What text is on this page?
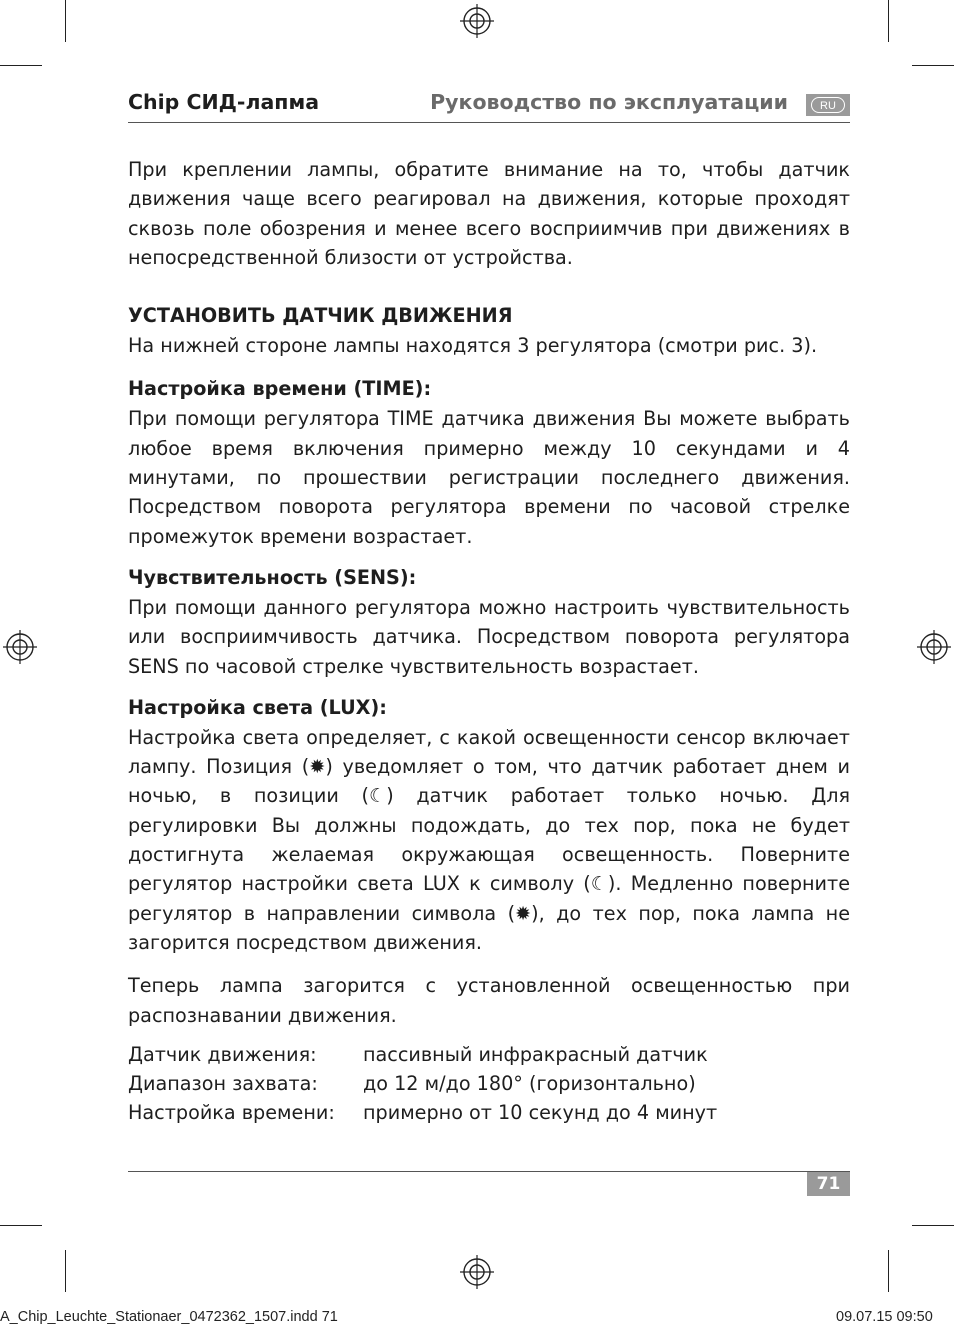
Chip СИД-лапма	Руководство по эксплуатации	RU

При креплении лампы, обратите внимание на то, чтобы датчик движения чаще всего реагировал на движения, которые проходят сквозь поле обозрения и менее всего восприимчив при движениях в непосредственной близости от устройства.

УСТАНОВИТЬ ДАТЧИК ДВИЖЕНИЯ

На нижней стороне лампы находятся 3 регулятора (смотри рис. 3).

Настройка времени (TIME):

При помощи регулятора TIME датчика движения Вы можете выбрать любое время включения примерно между 10 секундами и 4 минутами, по прошествии регистрации последнего движения. Посредством поворота регулятора времени по часовой стрелке промежуток времени возрастает.

Чувствительность (SENS):

При помощи данного регулятора можно настроить чувствительность или восприимчивость датчика. Посредством поворота регулятора SENS по часовой стрелке чувствительность возрастает.

Настройка света (LUX):

Настройка света определяет, с какой освещенности сенсор включает лампу. Позиция (✹) уведомляет о том, что датчик работает днем и ночью, в позиции (☾) датчик работает только ночью. Для регулировки Вы должны подождать, до тех пор, пока не будет достигнута желаемая окружающая освещенность. Поверните регулятор настройки света LUX к символу (☾). Медленно поверните регулятор в направлении символа (✹), до тех пор, пока лампа не загорится посредством движения.

Теперь лампа загорится с установленной освещенностью при распознавании движения.

Датчик движения:	пассивный инфракрасный датчик
Диапазон захвата:	до 12 м/до 180° (горизонтально)
Настройка времени:	примерно от 10 секунд до 4 минут
71
A_Chip_Leuchte_Stationaer_0472362_1507.indd 71	09.07.15 09:50
